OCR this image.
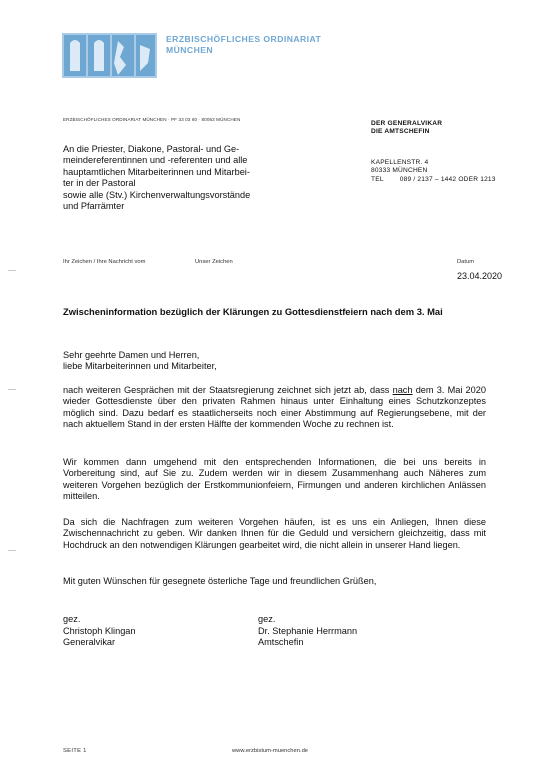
ERZBISCHÖFLICHES ORDINARIAT
MÜNCHEN
ERZBISCHÖFLICHES ORDINARIAT MÜNCHEN · PF 33 03 60 · 80063 MÜNCHEN
DER GENERALVIKAR
DIE AMTSCHEFIN
KAPELLENSTR. 4
80333 MÜNCHEN
TEL 089 / 2137 – 1442 ODER 1213
An die Priester, Diakone, Pastoral- und Ge-
meindereferentinnen und -referenten und alle
hauptamtlichen Mitarbeiterinnen und Mitarbei-
ter in der Pastoral
sowie alle (Stv.) Kirchenverwaltungsvorstände
und Pfarrämter
Ihr Zeichen / Ihre Nachricht vom	Unser Zeichen	Datum
23.04.2020
Zwischeninformation bezüglich der Klärungen zu Gottesdienstfeiern nach dem 3. Mai
Sehr geehrte Damen und Herren,
liebe Mitarbeiterinnen und Mitarbeiter,
nach weiteren Gesprächen mit der Staatsregierung zeichnet sich jetzt ab, dass nach dem 3. Mai 2020 wieder Gottesdienste über den privaten Rahmen hinaus unter Einhaltung eines Schutzkonzeptes möglich sind. Dazu bedarf es staatlicherseits noch einer Abstimmung auf Regierungsebene, mit der nach aktuellem Stand in der ersten Hälfte der kommenden Woche zu rechnen ist.
Wir kommen dann umgehend mit den entsprechenden Informationen, die bei uns bereits in Vorbereitung sind, auf Sie zu. Zudem werden wir in diesem Zusammenhang auch Näheres zum weiteren Vorgehen bezüglich der Erstkommunionfeiern, Firmungen und anderen kirchlichen Anlässen mitteilen.
Da sich die Nachfragen zum weiteren Vorgehen häufen, ist es uns ein Anliegen, Ihnen diese Zwischennachricht zu geben. Wir danken Ihnen für die Geduld und versichern gleichzeitig, dass mit Hochdruck an den notwendigen Klärungen gearbeitet wird, die nicht allein in unserer Hand liegen.
Mit guten Wünschen für gesegnete österliche Tage und freundlichen Grüßen,
gez.
Christoph Klingan
Generalvikar
gez.
Dr. Stephanie Herrmann
Amtschefin
SEITE 1	www.erzbistum-muenchen.de
